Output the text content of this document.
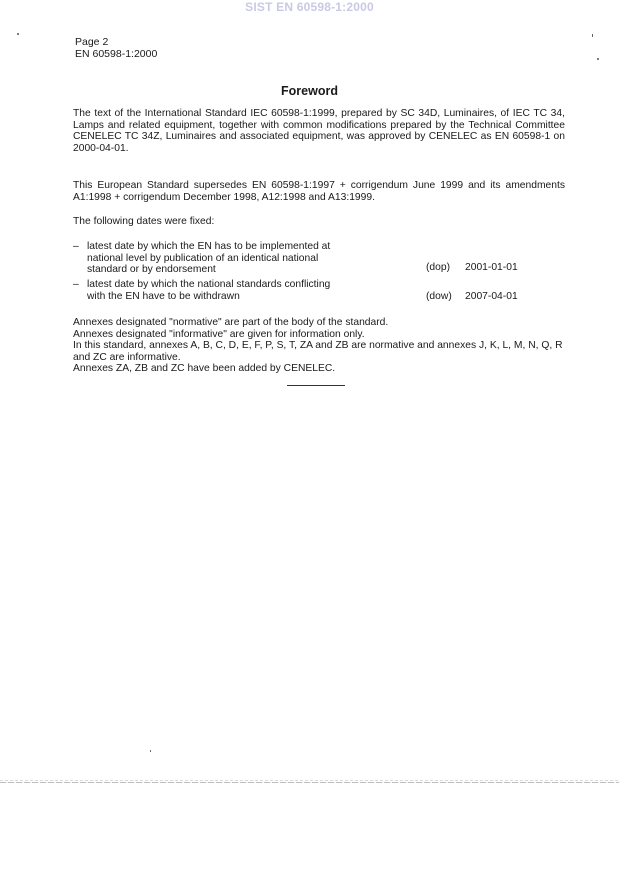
SIST EN 60598-1:2000
Page 2
EN 60598-1:2000
Foreword
The text of the International Standard IEC 60598-1:1999, prepared by SC 34D, Luminaires, of IEC TC 34, Lamps and related equipment, together with common modifications prepared by the Technical Committee CENELEC TC 34Z, Luminaires and associated equipment, was approved by CENELEC as EN 60598-1 on 2000-04-01.
This European Standard supersedes EN 60598-1:1997 + corrigendum June 1999 and its amendments A1:1998 + corrigendum December 1998, A12:1998 and A13:1999.
The following dates were fixed:
– latest date by which the EN has to be implemented at national level by publication of an identical national standard or by endorsement	(dop) 2001-01-01
– latest date by which the national standards conflicting with the EN have to be withdrawn	(dow) 2007-04-01
Annexes designated "normative" are part of the body of the standard.
Annexes designated "informative" are given for information only.
In this standard, annexes A, B, C, D, E, F, P, S, T, ZA and ZB are normative and annexes J, K, L, M, N, Q, R and ZC are informative.
Annexes ZA, ZB and ZC have been added by CENELEC.
